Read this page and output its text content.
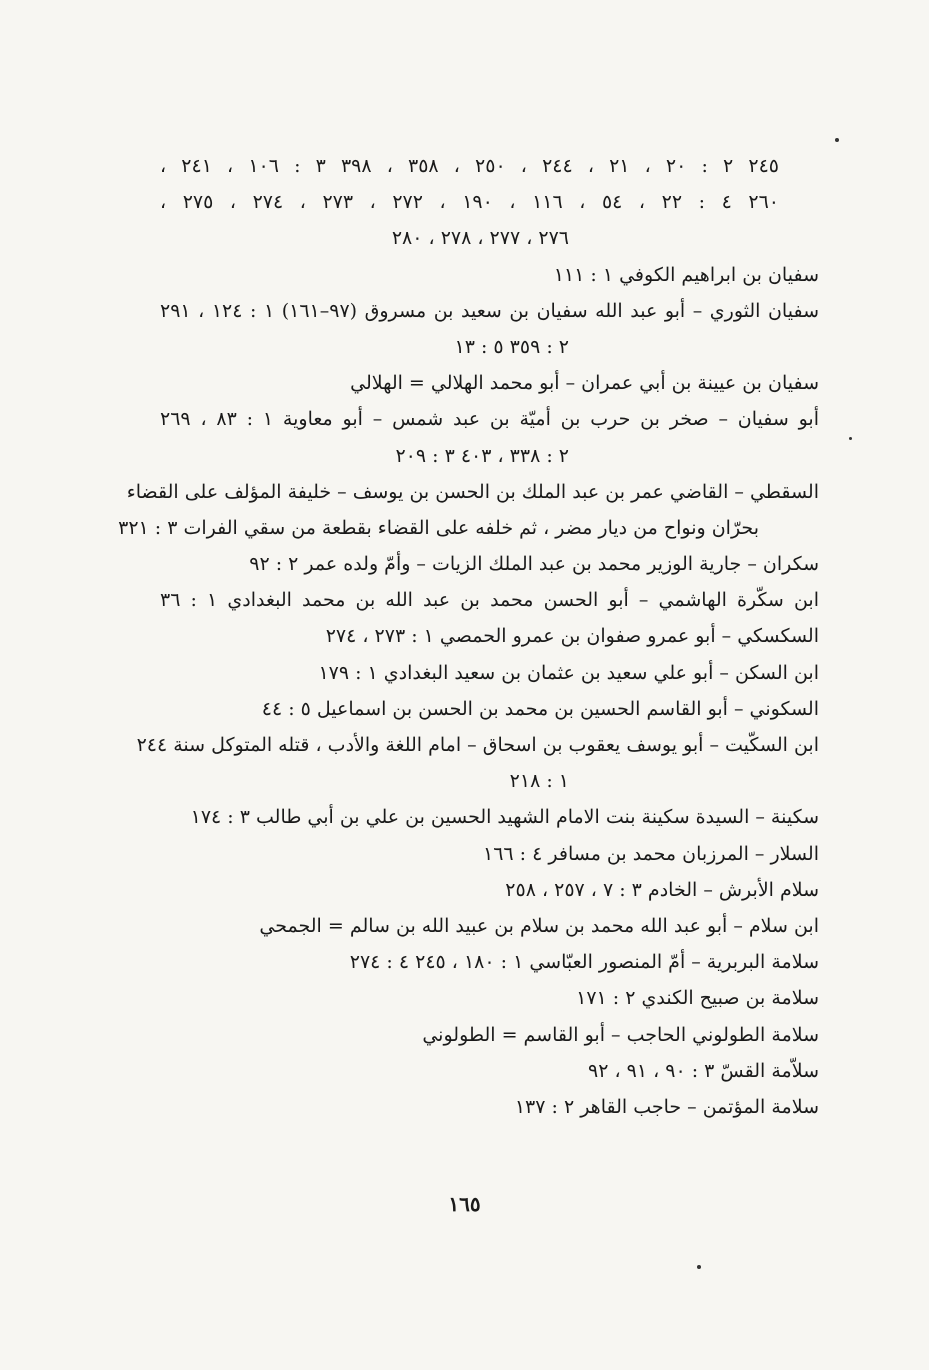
٢٤٥ ٢ : ٢٠ ، ٢١ ، ٢٤٤ ، ٢٥٠ ، ٣٥٨ ، ٣٩٨ ٣ : ١٠٦ ، ٢٤١ ،
٢٦٠ ٤ : ٢٢ ، ٥٤ ، ١١٦ ، ١٩٠ ، ٢٧٢ ، ٢٧٣ ، ٢٧٤ ، ٢٧٥ ،
٢٧٦ ، ٢٧٧ ، ٢٧٨ ، ٢٨٠
سفيان بن ابراهيم الكوفي ١ : ١١١
سفيان الثوري – أبو عبد الله سفيان بن سعيد بن مسروق (٩٧–١٦١) ١ : ١٢٤ ، ٢٩١
٢ : ٣٥٩ ٥ : ١٣
سفيان بن عيينة بن أبي عمران – أبو محمد الهلالي = الهلالي
أبو سفيان – صخر بن حرب بن أميّة بن عبد شمس – أبو معاوية ١ : ٨٣ ، ٢٦٩
٢ : ٣٣٨ ، ٤٠٣ ٣ : ٢٠٩
السقطي – القاضي عمر بن عبد الملك بن الحسن بن يوسف – خليفة المؤلف على القضاء
بحرّان ونواح من ديار مضر ، ثم خلفه على القضاء بقطعة من سقي الفرات ٣ : ٣٢١
سكران – جارية الوزير محمد بن عبد الملك الزيات – وأمّ ولده عمر ٢ : ٩٢
ابن سكّرة الهاشمي – أبو الحسن محمد بن عبد الله بن محمد البغدادي ١ : ٣٦
السكسكي – أبو عمرو صفوان بن عمرو الحمصي ١ : ٢٧٣ ، ٢٧٤
ابن السكن – أبو علي سعيد بن عثمان بن سعيد البغدادي ١ : ١٧٩
السكوني – أبو القاسم الحسين بن محمد بن الحسن بن اسماعيل ٥ : ٤٤
ابن السكّيت – أبو يوسف يعقوب بن اسحاق – امام اللغة والأدب ، قتله المتوكل سنة ٢٤٤
١ : ٢١٨
سكينة – السيدة سكينة بنت الامام الشهيد الحسين بن علي بن أبي طالب ٣ : ١٧٤
السلار – المرزبان محمد بن مسافر ٤ : ١٦٦
سلام الأبرش – الخادم ٣ : ٧ ، ٢٥٧ ، ٢٥٨
ابن سلام – أبو عبد الله محمد بن سلام بن عبيد الله بن سالم = الجمحي
سلامة البربرية – أمّ المنصور العبّاسي ١ : ١٨٠ ، ٢٤٥ ٤ : ٢٧٤
سلامة بن صبيح الكندي ٢ : ١٧١
سلامة الطولوني الحاجب – أبو القاسم = الطولوني
سلاّمة القسّ ٣ : ٩٠ ، ٩١ ، ٩٢
سلامة المؤتمن – حاجب القاهر ٢ : ١٣٧
١٦٥
